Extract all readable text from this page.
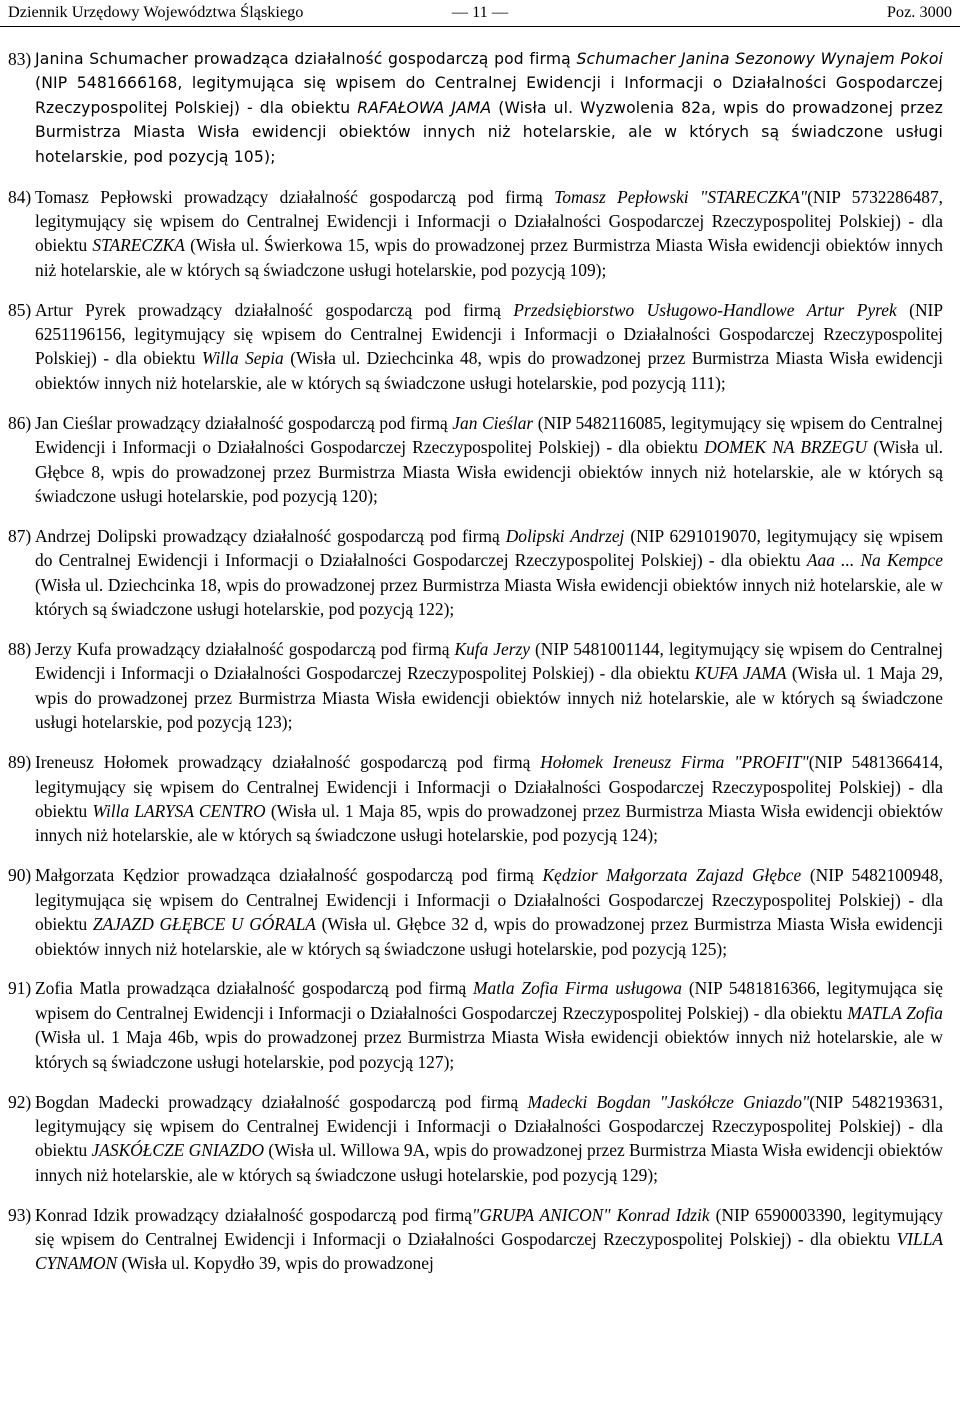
Dziennik Urzędowy Województwa Śląskiego	— 11 —	Poz. 3000
83) Janina Schumacher prowadząca działalność gospodarczą pod firmą Schumacher Janina Sezonowy Wynajem Pokoi (NIP 5481666168, legitymująca się wpisem do Centralnej Ewidencji i Informacji o Działalności Gospodarczej Rzeczypospolitej Polskiej) - dla obiektu RAFAŁOWA JAMA (Wisła ul. Wyzwolenia 82a, wpis do prowadzonej przez Burmistrza Miasta Wisła ewidencji obiektów innych niż hotelarskie, ale w których są świadczone usługi hotelarskie, pod pozycją 105);
84) Tomasz Pepłowski prowadzący działalność gospodarczą pod firmą Tomasz Pepłowski "STARECZKA"(NIP 5732286487, legitymujący się wpisem do Centralnej Ewidencji i Informacji o Działalności Gospodarczej Rzeczypospolitej Polskiej) - dla obiektu STARECZKA (Wisła ul. Świerkowa 15, wpis do prowadzonej przez Burmistrza Miasta Wisła ewidencji obiektów innych niż hotelarskie, ale w których są świadczone usługi hotelarskie, pod pozycją 109);
85) Artur Pyrek prowadzący działalność gospodarczą pod firmą Przedsiębiorstwo Usługowo-Handlowe Artur Pyrek (NIP 6251196156, legitymujący się wpisem do Centralnej Ewidencji i Informacji o Działalności Gospodarczej Rzeczypospolitej Polskiej) - dla obiektu Willa Sepia (Wisła ul. Dziechcinka 48, wpis do prowadzonej przez Burmistrza Miasta Wisła ewidencji obiektów innych niż hotelarskie, ale w których są świadczone usługi hotelarskie, pod pozycją 111);
86) Jan Cieślar prowadzący działalność gospodarczą pod firmą Jan Cieślar (NIP 5482116085, legitymujący się wpisem do Centralnej Ewidencji i Informacji o Działalności Gospodarczej Rzeczypospolitej Polskiej) - dla obiektu DOMEK NA BRZEGU (Wisła ul. Głębce 8, wpis do prowadzonej przez Burmistrza Miasta Wisła ewidencji obiektów innych niż hotelarskie, ale w których są świadczone usługi hotelarskie, pod pozycją 120);
87) Andrzej Dolipski prowadzący działalność gospodarczą pod firmą Dolipski Andrzej (NIP 6291019070, legitymujący się wpisem do Centralnej Ewidencji i Informacji o Działalności Gospodarczej Rzeczypospolitej Polskiej) - dla obiektu Aaa ... Na Kempce (Wisła ul. Dziechcinka 18, wpis do prowadzonej przez Burmistrza Miasta Wisła ewidencji obiektów innych niż hotelarskie, ale w których są świadczone usługi hotelarskie, pod pozycją 122);
88) Jerzy Kufa prowadzący działalność gospodarczą pod firmą Kufa Jerzy (NIP 5481001144, legitymujący się wpisem do Centralnej Ewidencji i Informacji o Działalności Gospodarczej Rzeczypospolitej Polskiej) - dla obiektu KUFA JAMA (Wisła ul. 1 Maja 29, wpis do prowadzonej przez Burmistrza Miasta Wisła ewidencji obiektów innych niż hotelarskie, ale w których są świadczone usługi hotelarskie, pod pozycją 123);
89) Ireneusz Hołomek prowadzący działalność gospodarczą pod firmą Hołomek Ireneusz Firma "PROFIT"(NIP 5481366414, legitymujący się wpisem do Centralnej Ewidencji i Informacji o Działalności Gospodarczej Rzeczypospolitej Polskiej) - dla obiektu Willa LARYSA CENTRO (Wisła ul. 1 Maja 85, wpis do prowadzonej przez Burmistrza Miasta Wisła ewidencji obiektów innych niż hotelarskie, ale w których są świadczone usługi hotelarskie, pod pozycją 124);
90) Małgorzata Kędzior prowadząca działalność gospodarczą pod firmą Kędzior Małgorzata Zajazd Głębce (NIP 5482100948, legitymująca się wpisem do Centralnej Ewidencji i Informacji o Działalności Gospodarczej Rzeczypospolitej Polskiej) - dla obiektu ZAJAZD GŁĘBCE U GÓRALA (Wisła ul. Głębce 32 d, wpis do prowadzonej przez Burmistrza Miasta Wisła ewidencji obiektów innych niż hotelarskie, ale w których są świadczone usługi hotelarskie, pod pozycją 125);
91) Zofia Matla prowadząca działalność gospodarczą pod firmą Matla Zofia Firma usługowa (NIP 5481816366, legitymująca się wpisem do Centralnej Ewidencji i Informacji o Działalności Gospodarczej Rzeczypospolitej Polskiej) - dla obiektu MATLA Zofia (Wisła ul. 1 Maja 46b, wpis do prowadzonej przez Burmistrza Miasta Wisła ewidencji obiektów innych niż hotelarskie, ale w których są świadczone usługi hotelarskie, pod pozycją 127);
92) Bogdan Madecki prowadzący działalność gospodarczą pod firmą Madecki Bogdan "Jaskółcze Gniazdo"(NIP 5482193631, legitymujący się wpisem do Centralnej Ewidencji i Informacji o Działalności Gospodarczej Rzeczypospolitej Polskiej) - dla obiektu JASKÓŁCZE GNIAZDO (Wisła ul. Willowa 9A, wpis do prowadzonej przez Burmistrza Miasta Wisła ewidencji obiektów innych niż hotelarskie, ale w których są świadczone usługi hotelarskie, pod pozycją 129);
93) Konrad Idzik prowadzący działalność gospodarczą pod firmą"GRUPA ANICON" Konrad Idzik (NIP 6590003390, legitymujący się wpisem do Centralnej Ewidencji i Informacji o Działalności Gospodarczej Rzeczypospolitej Polskiej) - dla obiektu VILLA CYNAMON (Wisła ul. Kopydło 39, wpis do prowadzonej
